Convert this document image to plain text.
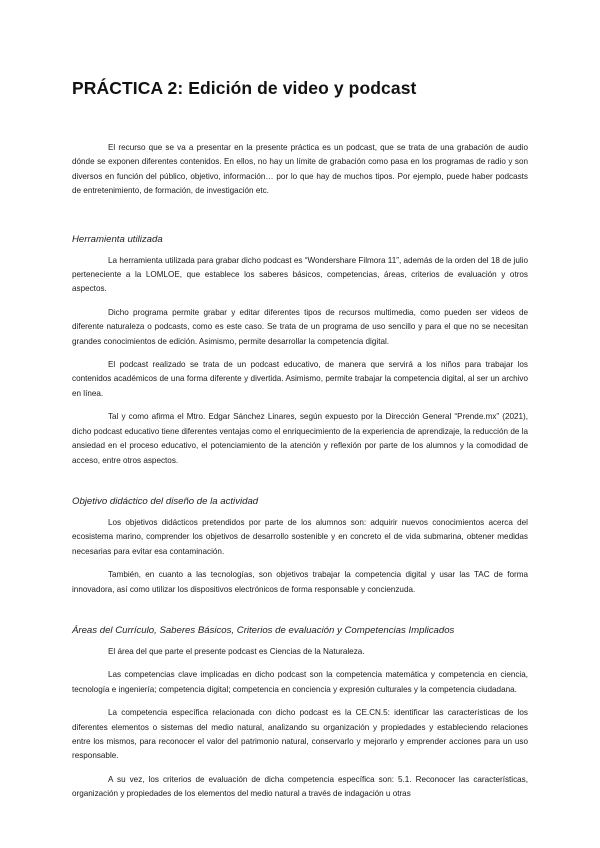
PRÁCTICA 2: Edición de video y podcast

El recurso que se va a presentar en la presente práctica es un podcast, que se trata de una grabación de audio dónde se exponen diferentes contenidos. En ellos, no hay un límite de grabación como pasa en los programas de radio y son diversos en función del público, objetivo, información… por lo que hay de muchos tipos. Por ejemplo, puede haber podcasts de entretenimiento, de formación, de investigación etc.

Herramienta utilizada

La herramienta utilizada para grabar dicho podcast es “Wondershare Filmora 11”, además de la orden del 18 de julio perteneciente a la LOMLOE, que establece los saberes básicos, competencias, áreas, criterios de evaluación y otros aspectos.

Dicho programa permite grabar y editar diferentes tipos de recursos multimedia, como pueden ser videos de diferente naturaleza o podcasts, como es este caso. Se trata de un programa de uso sencillo y para el que no se necesitan grandes conocimientos de edición. Asimismo, permite desarrollar la competencia digital.

El podcast realizado se trata de un podcast educativo, de manera que servirá a los niños para trabajar los contenidos académicos de una forma diferente y divertida. Asimismo, permite trabajar la competencia digital, al ser un archivo en línea.

Tal y como afirma el Mtro. Edgar Sánchez Linares, según expuesto por la Dirección General “Prende.mx” (2021), dicho podcast educativo tiene diferentes ventajas como el enriquecimiento de la experiencia de aprendizaje, la reducción de la ansiedad en el proceso educativo, el potenciamiento de la atención y reflexión por parte de los alumnos y la comodidad de acceso, entre otros aspectos.

Objetivo didáctico del diseño de la actividad

Los objetivos didácticos pretendidos por parte de los alumnos son: adquirir nuevos conocimientos acerca del ecosistema marino, comprender los objetivos de desarrollo sostenible y en concreto el de vida submarina, obtener medidas necesarias para evitar esa contaminación.

También, en cuanto a las tecnologías, son objetivos trabajar la competencia digital y usar las TAC de forma innovadora, así como utilizar los dispositivos electrónicos de forma responsable y concienzuda.

Áreas del Currículo, Saberes Básicos, Criterios de evaluación y Competencias Implicados

El área del que parte el presente podcast es Ciencias de la Naturaleza.

Las competencias clave implicadas en dicho podcast son la competencia matemática y competencia en ciencia, tecnología e ingeniería; competencia digital; competencia en conciencia y expresión culturales y la competencia ciudadana.

La competencia específica relacionada con dicho podcast es la CE.CN.5: identificar las características de los diferentes elementos o sistemas del medio natural, analizando su organización y propiedades y estableciendo relaciones entre los mismos, para reconocer el valor del patrimonio natural, conservarlo y mejorarlo y emprender acciones para un uso responsable.

A su vez, los criterios de evaluación de dicha competencia específica son: 5.1. Reconocer las características, organización y propiedades de los elementos del medio natural a través de indagación u otras
